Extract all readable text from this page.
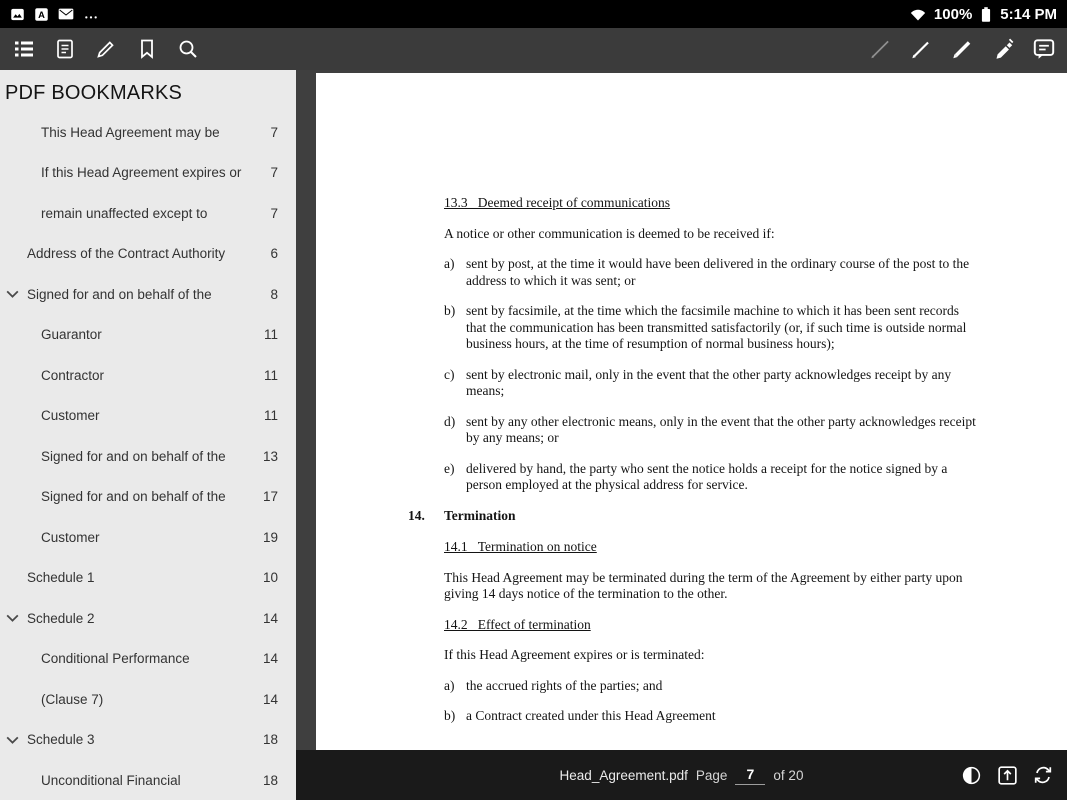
A	100% 5:14 PM
PDF BOOKMARKS
This Head Agreement may be	7
If this Head Agreement expires or	7
remain unaffected except to	7
Address of the Contract Authority	6
Signed for and on behalf of the	8
Guarantor	11
Contractor	11
Customer	11
Signed for and on behalf of the	13
Signed for and on behalf of the	17
Customer	19
Schedule 1	10
Schedule 2	14
Conditional Performance	14
(Clause 7)	14
Schedule 3	18
Unconditional Financial	18
13.3   Deemed receipt of communications
A notice or other communication is deemed to be received if:
a) sent by post, at the time it would have been delivered in the ordinary course of the post to the address to which it was sent; or
b) sent by facsimile, at the time which the facsimile machine to which it has been sent records that the communication has been transmitted satisfactorily (or, if such time is outside normal business hours, at the time of resumption of normal business hours);
c) sent by electronic mail, only in the event that the other party acknowledges receipt by any means;
d) sent by any other electronic means, only in the event that the other party acknowledges receipt by any means; or
e) delivered by hand, the party who sent the notice holds a receipt for the notice signed by a person employed at the physical address for service.
14.	Termination
14.1   Termination on notice
This Head Agreement may be terminated during the term of the Agreement by either party upon giving 14 days notice of the termination to the other.
14.2   Effect of termination
If this Head Agreement expires or is terminated:
a) the accrued rights of the parties; and
b) a Contract created under this Head Agreement
Head_Agreement.pdf Page
7	of 20
